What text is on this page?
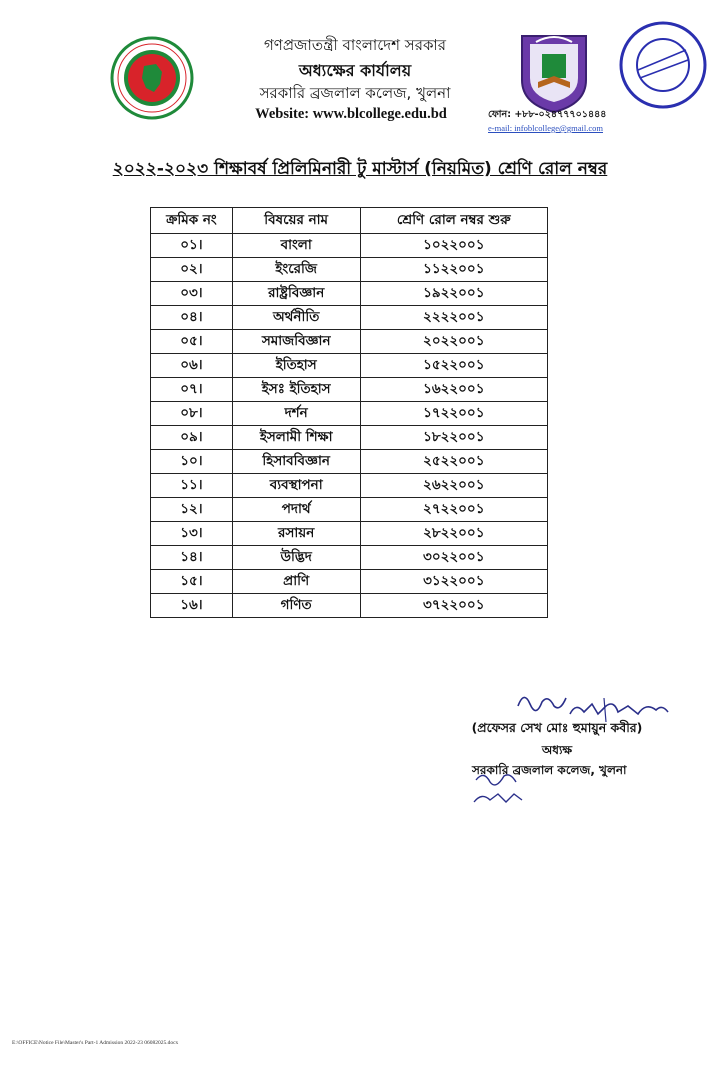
গণপ্রজাতন্ত্রী বাংলাদেশ সরকার
অধ্যক্ষের কার্যালয়
সরকারি ব্রজলাল কলেজ, খুলনা
Website: www.blcollege.edu.bd	ফোন: +৮৮-০২৪৭৭৭০১৪৪৪
e-mail: infoblcollege@gmail.com
২০২২-২০২৩ শিক্ষাবর্ষ প্রিলিমিনারী টু মাস্টার্স (নিয়মিত) শ্রেণি রোল নম্বর
ক্রমিক নং	বিষয়ের নাম	শ্রেণি রোল নম্বর শুরু
০১।	বাংলা	১০২২০০১
০২।	ইংরেজি	১১২২০০১
০৩।	রাষ্ট্রবিজ্ঞান	১৯২২০০১
০৪।	অর্থনীতি	২২২২০০১
০৫।	সমাজবিজ্ঞান	২০২২০০১
০৬।	ইতিহাস	১৫২২০০১
০৭।	ইসঃ ইতিহাস	১৬২২০০১
০৮।	দর্শন	১৭২২০০১
০৯।	ইসলামী শিক্ষা	১৮২২০০১
১০।	হিসাববিজ্ঞান	২৫২২০০১
১১।	ব্যবস্থাপনা	২৬২২০০১
১২।	পদার্থ	২৭২২০০১
১৩।	রসায়ন	২৮২২০০১
১৪।	উদ্ভিদ	৩০২২০০১
১৫।	প্রাণি	৩১২২০০১
১৬।	গণিত	৩৭২২০০১
(প্রফেসর সেখ মোঃ হুমায়ুন কবীর)
অধ্যক্ষ
সরকারি ব্রজলাল কলেজ, খুলনা
E:\OFFICE\Notice File\Master's Part-1 Admission 2022-23 06082025.docx
